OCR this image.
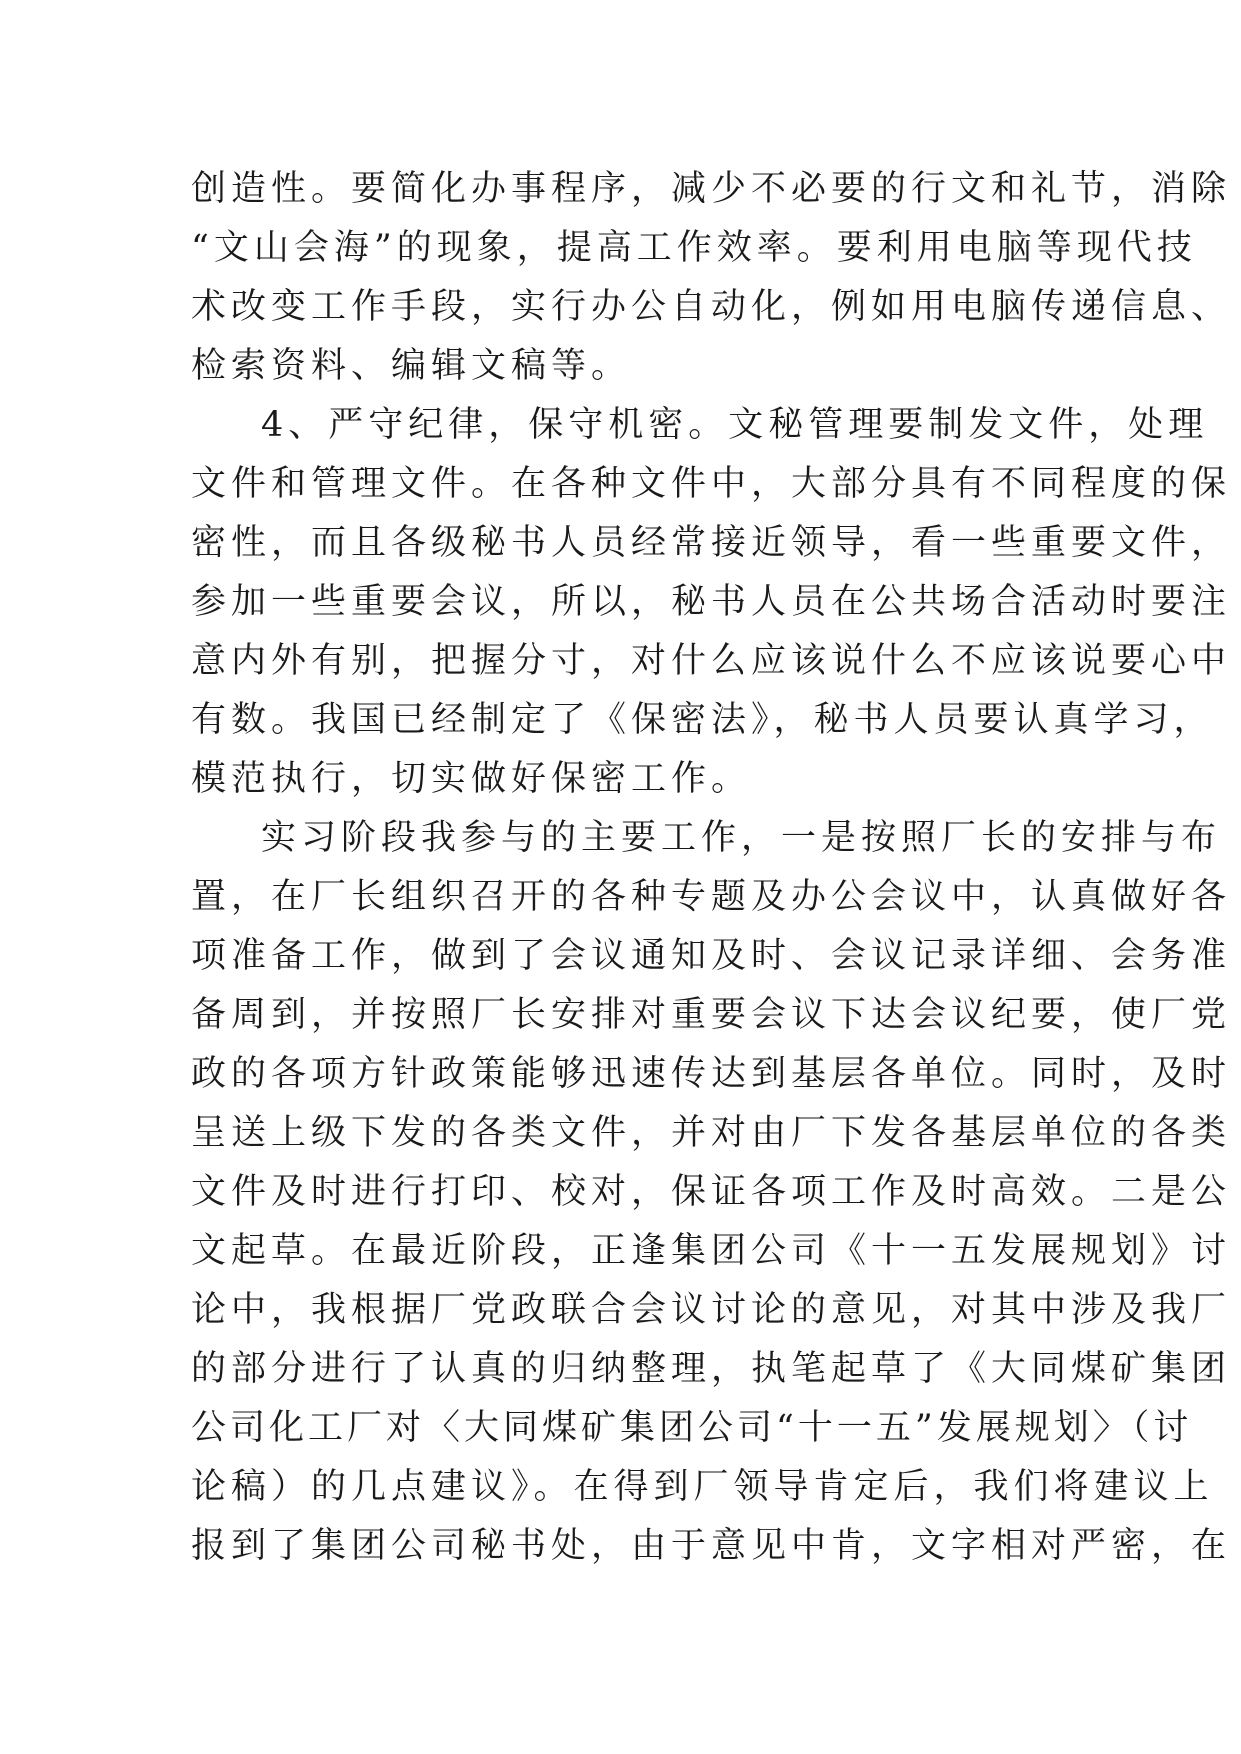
创造性。要简化办事程序，减少不必要的行文和礼节，消除
“文山会海”的现象，提高工作效率。要利用电脑等现代技
术改变工作手段，实行办公自动化，例如用电脑传递信息、
检索资料、编辑文稿等。
4、严守纪律，保守机密。文秘管理要制发文件，处理
文件和管理文件。在各种文件中，大部分具有不同程度的保
密性，而且各级秘书人员经常接近领导，看一些重要文件，
参加一些重要会议，所以，秘书人员在公共场合活动时要注
意内外有别，把握分寸，对什么应该说什么不应该说要心中
有数。我国已经制定了《保密法》，秘书人员要认真学习，
模范执行，切实做好保密工作。
实习阶段我参与的主要工作，一是按照厂长的安排与布
置，在厂长组织召开的各种专题及办公会议中，认真做好各
项准备工作，做到了会议通知及时、会议记录详细、会务准
备周到，并按照厂长安排对重要会议下达会议纪要，使厂党
政的各项方针政策能够迅速传达到基层各单位。同时，及时
呈送上级下发的各类文件，并对由厂下发各基层单位的各类
文件及时进行打印、校对，保证各项工作及时高效。二是公
文起草。在最近阶段，正逢集团公司《十一五发展规划》讨
论中，我根据厂党政联合会议讨论的意见，对其中涉及我厂
的部分进行了认真的归纳整理，执笔起草了《大同煤矿集团
公司化工厂对〈大同煤矿集团公司“十一五”发展规划〉（讨
论稿）的几点建议》。在得到厂领导肯定后，我们将建议上
报到了集团公司秘书处，由于意见中肯，文字相对严密，在
